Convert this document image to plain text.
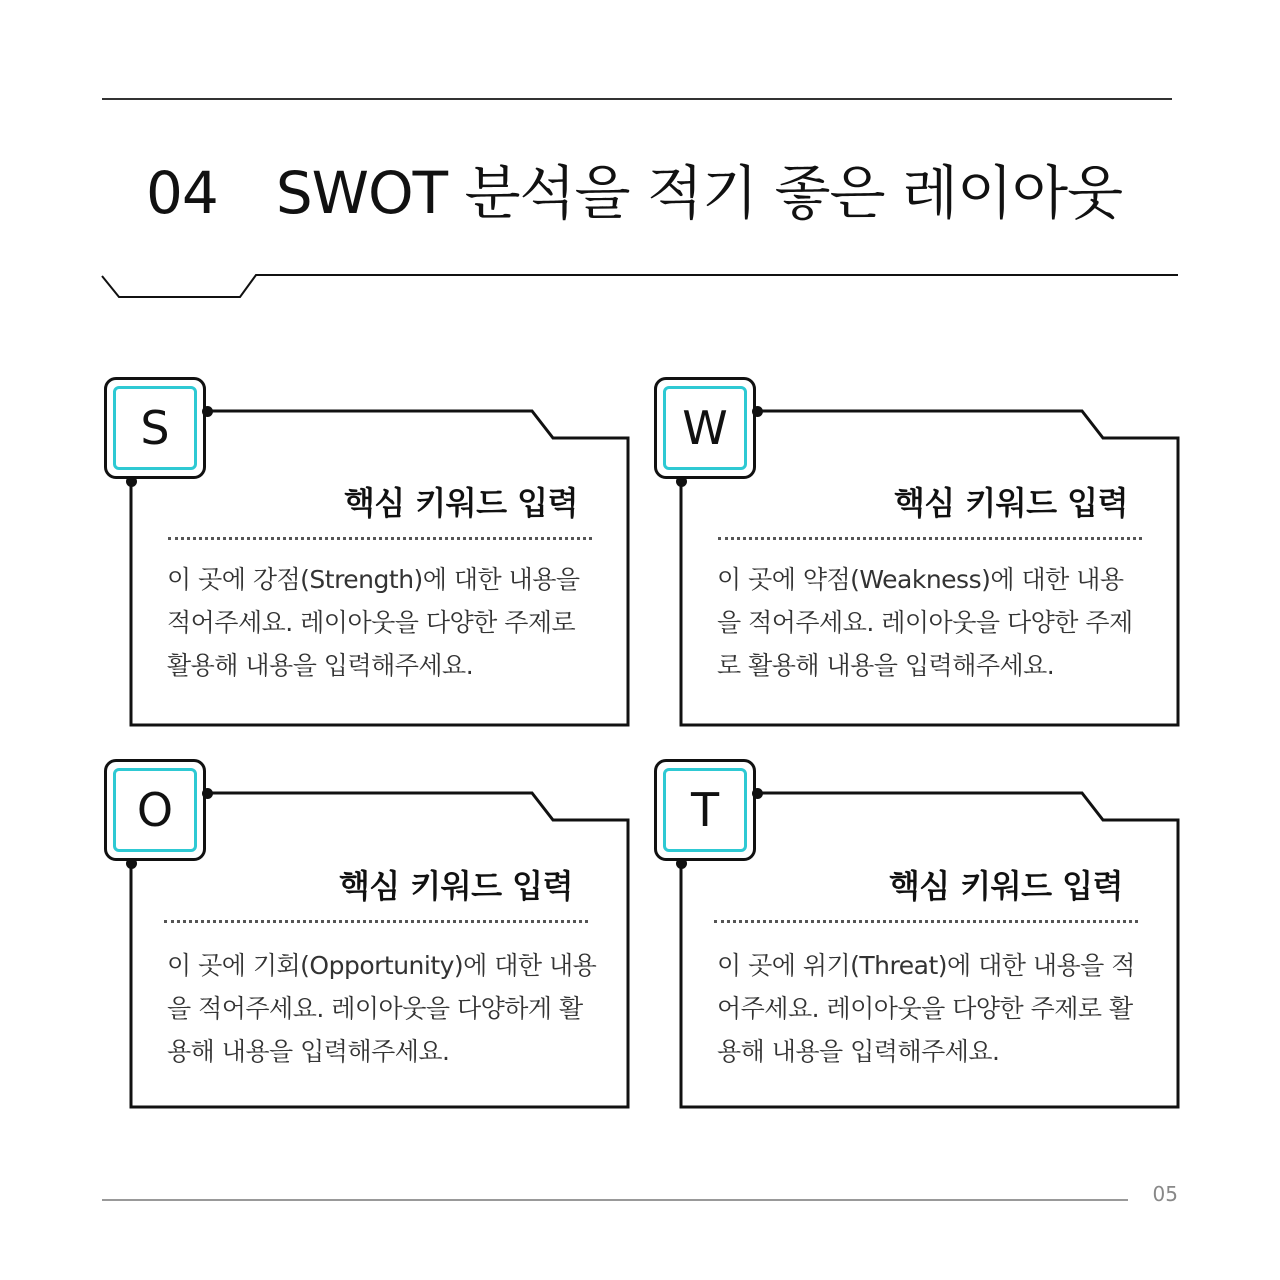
04 SWOT 분석을 적기 좋은 레이아웃
S
핵심 키워드 입력
이 곳에 강점(Strength)에 대한 내용을 적어주세요. 레이아웃을 다양한 주제로 활용해 내용을 입력해주세요.
W
핵심 키워드 입력
이 곳에 약점(Weakness)에 대한 내용을 적어주세요. 레이아웃을 다양한 주제로 활용해 내용을 입력해주세요.
O
핵심 키워드 입력
이 곳에 기회(Opportunity)에 대한 내용을 적어주세요. 레이아웃을 다양하게 활용해 내용을 입력해주세요.
T
핵심 키워드 입력
이 곳에 위기(Threat)에 대한 내용을 적어주세요. 레이아웃을 다양한 주제로 활용해 내용을 입력해주세요.
05
